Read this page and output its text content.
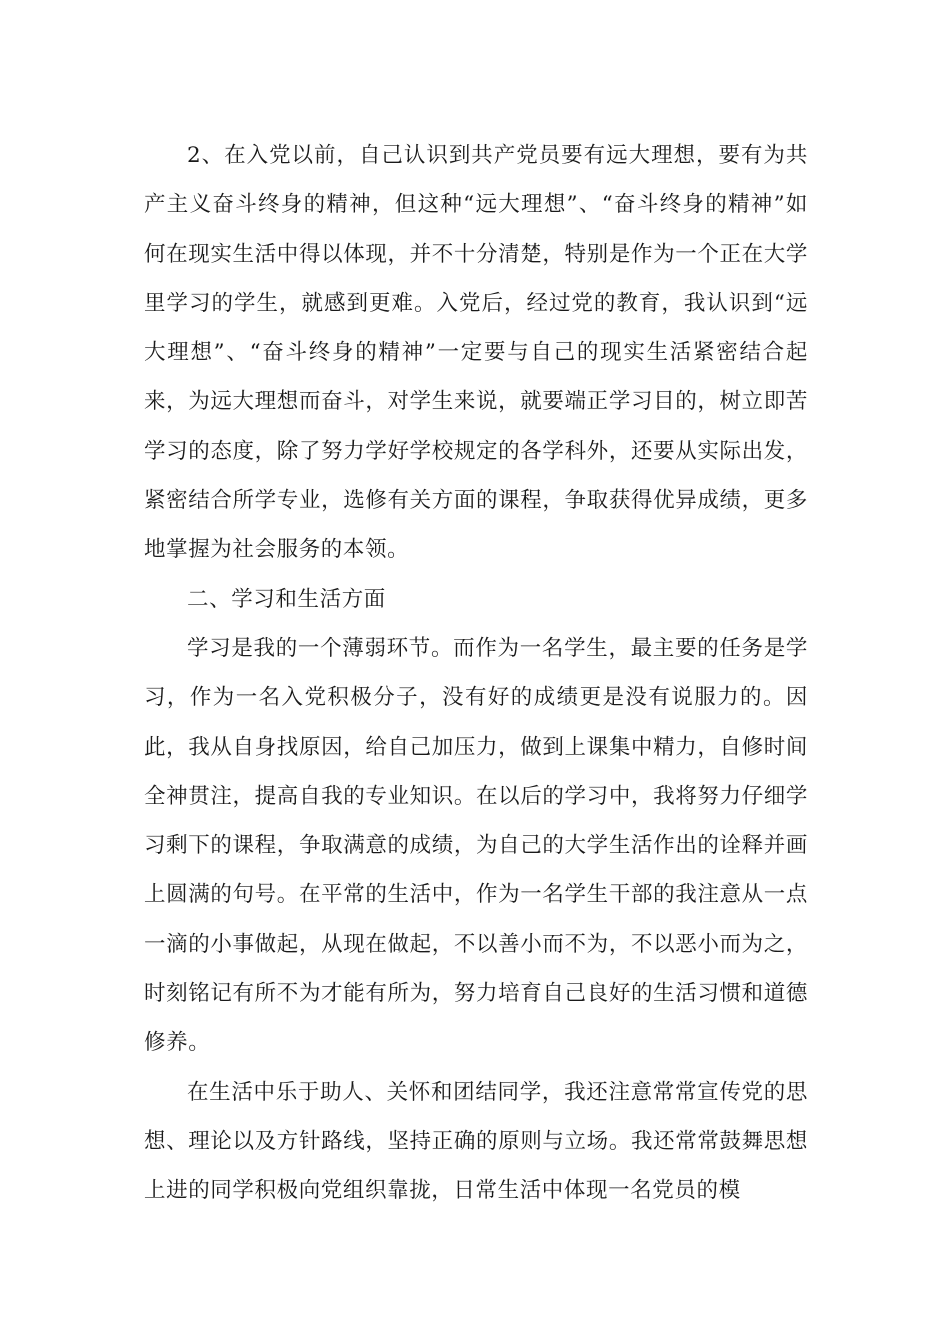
2、在入党以前，自己认识到共产党员要有远大理想，要有为共产主义奋斗终身的精神，但这种“远大理想”、“奋斗终身的精神”如何在现实生活中得以体现，并不十分清楚，特别是作为一个正在大学里学习的学生，就感到更难。入党后，经过党的教育，我认识到“远大理想”、“奋斗终身的精神”一定要与自己的现实生活紧密结合起来，为远大理想而奋斗，对学生来说，就要端正学习目的，树立即苦学习的态度，除了努力学好学校规定的各学科外，还要从实际出发，紧密结合所学专业，选修有关方面的课程，争取获得优异成绩，更多地掌握为社会服务的本领。

二、学习和生活方面

学习是我的一个薄弱环节。而作为一名学生，最主要的任务是学习，作为一名入党积极分子，没有好的成绩更是没有说服力的。因此，我从自身找原因，给自己加压力，做到上课集中精力，自修时间全神贯注，提高自我的专业知识。在以后的学习中，我将努力仔细学习剩下的课程，争取满意的成绩，为自己的大学生活作出的诠释并画上圆满的句号。在平常的生活中，作为一名学生干部的我注意从一点一滴的小事做起，从现在做起，不以善小而不为，不以恶小而为之，时刻铭记有所不为才能有所为，努力培育自己良好的生活习惯和道德修养。

在生活中乐于助人、关怀和团结同学，我还注意常常宣传党的思想、理论以及方针路线，坚持正确的原则与立场。我还常常鼓舞思想上进的同学积极向党组织靠拢，日常生活中体现一名党员的模
